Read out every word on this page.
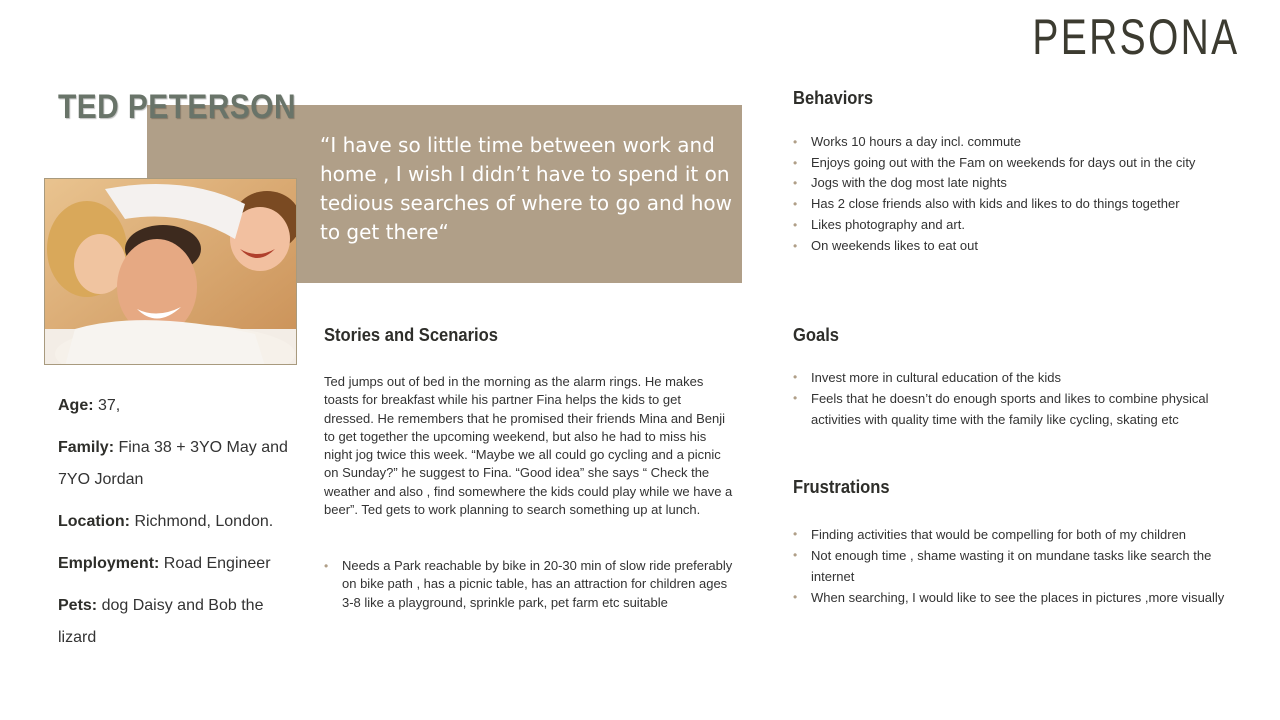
PERSONA
“I have so little time between work and home , I wish I didn’t have to spend it on tedious searches of where to go and how to get there“
TED PETERSON
Age: 37,
Family: Fina 38 + 3YO May and 7YO Jordan
Location: Richmond, London.
Employment: Road Engineer
Pets: dog Daisy and Bob the lizard
Stories and Scenarios
Ted jumps out of bed in the morning as the alarm rings. He makes toasts for breakfast while his partner Fina helps the kids to get dressed. He remembers that he promised their friends Mina and Benji to get together the upcoming weekend, but also he had to miss his night jog twice this week. “Maybe we all could go cycling and a picnic on Sunday?” he suggest to Fina. “Good idea” she says “ Check the weather and also , find somewhere the kids could play while we have a beer”. Ted gets to work planning to search something up at lunch.
• Needs a Park reachable by bike in 20-30 min of slow ride preferably on bike path , has a picnic table, has an attraction for children ages 3-8 like a playground, sprinkle park, pet farm etc suitable
Behaviors
• Works 10 hours a day incl. commute
• Enjoys going out with the Fam on weekends for days out in the city
• Jogs with the dog most late nights
• Has 2 close friends also with kids and likes to do things together
• Likes photography and art.
• On weekends likes to eat out
Goals
• Invest more in cultural education of the kids
• Feels that he doesn’t do enough sports and likes to combine physical activities with quality time with the family like cycling, skating etc
Frustrations
• Finding activities that would be compelling for both of my children
• Not enough time , shame wasting it on mundane tasks like search the internet
• When searching, I would like to see the places in pictures ,more visually
